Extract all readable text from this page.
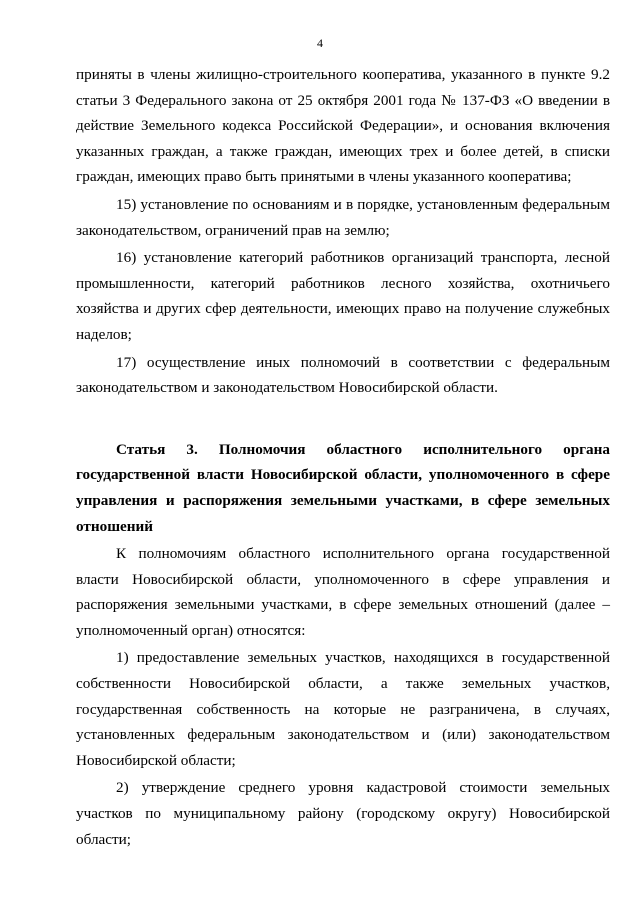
4

приняты в члены жилищно-строительного кооператива, указанного в пункте 9.2 статьи 3 Федерального закона от 25 октября 2001 года № 137-ФЗ «О введении в действие Земельного кодекса Российской Федерации», и основания включения указанных граждан, а также граждан, имеющих трех и более детей, в списки граждан, имеющих право быть принятыми в члены указанного кооператива;

15) установление по основаниям и в порядке, установленным федеральным законодательством, ограничений прав на землю;

16) установление категорий работников организаций транспорта, лесной промышленности, категорий работников лесного хозяйства, охотничьего хозяйства и других сфер деятельности, имеющих право на получение служебных наделов;

17) осуществление иных полномочий в соответствии с федеральным законодательством и законодательством Новосибирской области.

Статья 3. Полномочия областного исполнительного органа государственной власти Новосибирской области, уполномоченного в сфере управления и распоряжения земельными участками, в сфере земельных отношений

К полномочиям областного исполнительного органа государственной власти Новосибирской области, уполномоченного в сфере управления и распоряжения земельными участками, в сфере земельных отношений (далее – уполномоченный орган) относятся:

1) предоставление земельных участков, находящихся в государственной собственности Новосибирской области, а также земельных участков, государственная собственность на которые не разграничена, в случаях, установленных федеральным законодательством и (или) законодательством Новосибирской области;

2) утверждение среднего уровня кадастровой стоимости земельных участков по муниципальному району (городскому округу) Новосибирской области;
